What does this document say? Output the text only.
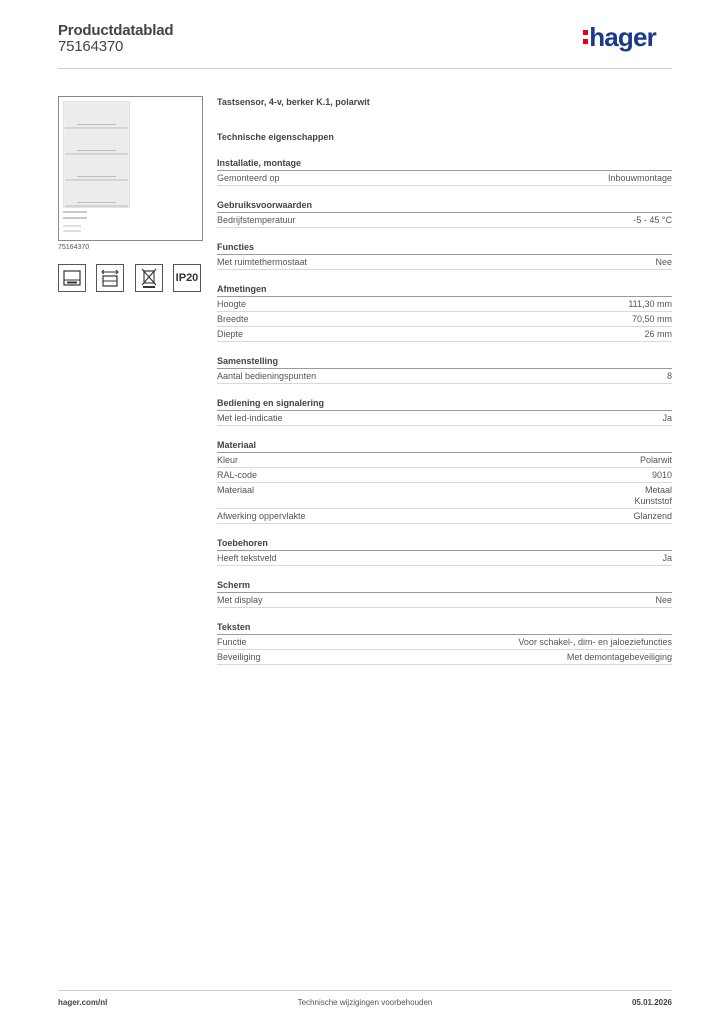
Productdatablad
75164370	hager
75164370
IP20
Tastsensor, 4-v, berker K.1, polarwit
Technische eigenschappen
Installatie, montage
Gemonteerd op	Inbouwmontage
Gebruiksvoorwaarden
Bedrijfstemperatuur	-5 - 45 °C
Functies
Met ruimtethermostaat	Nee
Afmetingen
Hoogte	111,30 mm
Breedte	70,50 mm
Diepte	26 mm
Samenstelling
Aantal bedieningspunten	8
Bediening en signalering
Met led-indicatie	Ja
Materiaal
Kleur	Polarwit
RAL-code	9010
Materiaal	Metaal
Kunststof
Afwerking oppervlakte	Glanzend
Toebehoren
Heeft tekstveld	Ja
Scherm
Met display	Nee
Teksten
Functie	Voor schakel-, dim- en jaloeziefuncties
Beveiliging	Met demontagebeveiliging
hager.com/nl	Technische wijzigingen voorbehouden	05.01.2026
